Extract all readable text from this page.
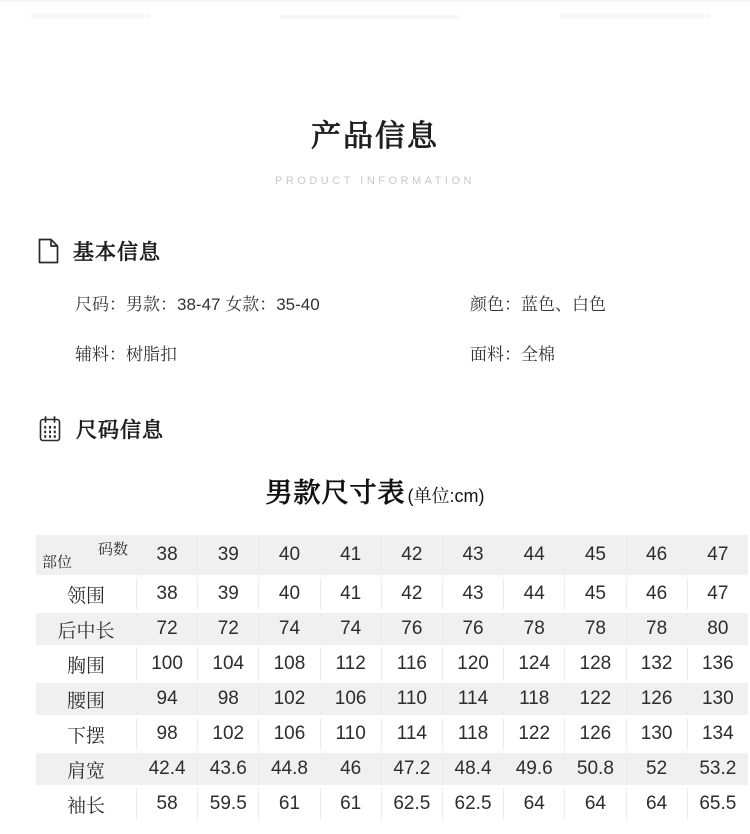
产品信息
PRODUCT INFORMATION
基本信息
尺码：男款：38-47 女款：35-40	颜色：蓝色、白色
辅料：树脂扣	面料：全棉
尺码信息
男款尺寸表 (单位:cm)
码数
部位	38	39	40	41	42	43	44	45	46	47
领围	38	39	40	41	42	43	44	45	46	47
后中长	72	72	74	74	76	76	78	78	78	80
胸围	100	104	108	112	116	120	124	128	132	136
腰围	94	98	102	106	110	114	118	122	126	130
下摆	98	102	106	110	114	118	122	126	130	134
肩宽	42.4	43.6	44.8	46	47.2	48.4	49.6	50.8	52	53.2
袖长	58	59.5	61	61	62.5	62.5	64	64	64	65.5
